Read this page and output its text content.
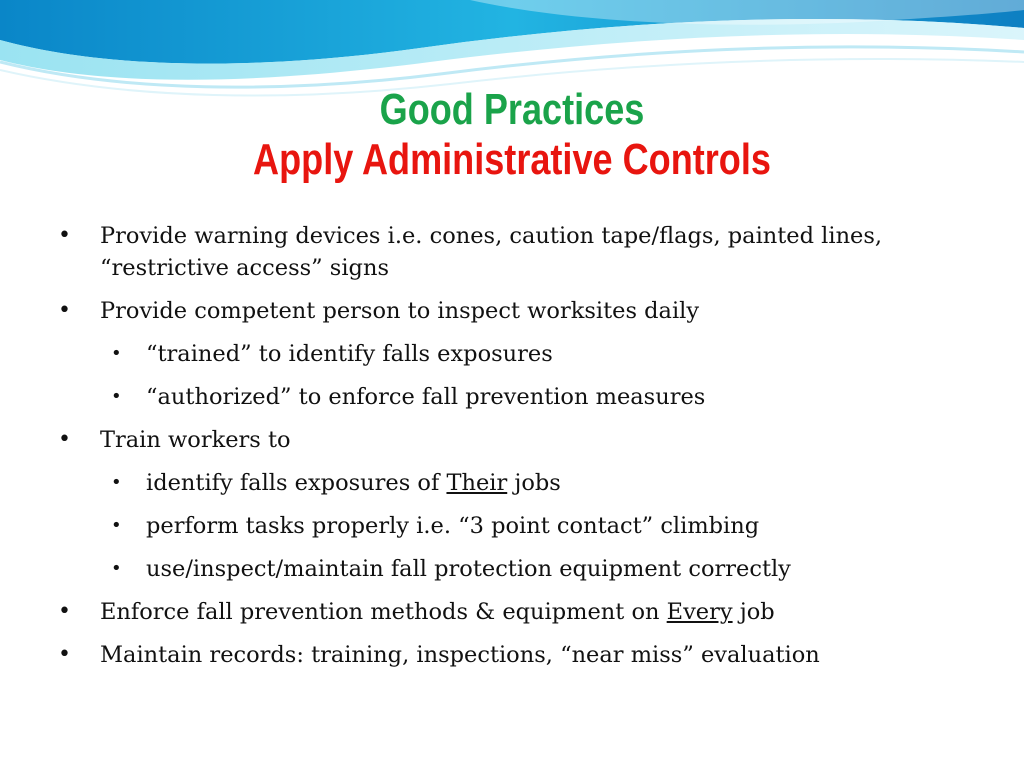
Good Practices
Apply Administrative Controls
• Provide warning devices i.e. cones, caution tape/flags, painted lines,
“restrictive access” signs
• Provide competent person to inspect worksites daily
• “trained” to identify falls exposures
• “authorized” to enforce fall prevention measures
• Train workers to
• identify falls exposures of Their jobs
• perform tasks properly i.e. “3 point contact” climbing
• use/inspect/maintain fall protection equipment correctly
• Enforce fall prevention methods & equipment on Every job
• Maintain records: training, inspections, “near miss” evaluation
